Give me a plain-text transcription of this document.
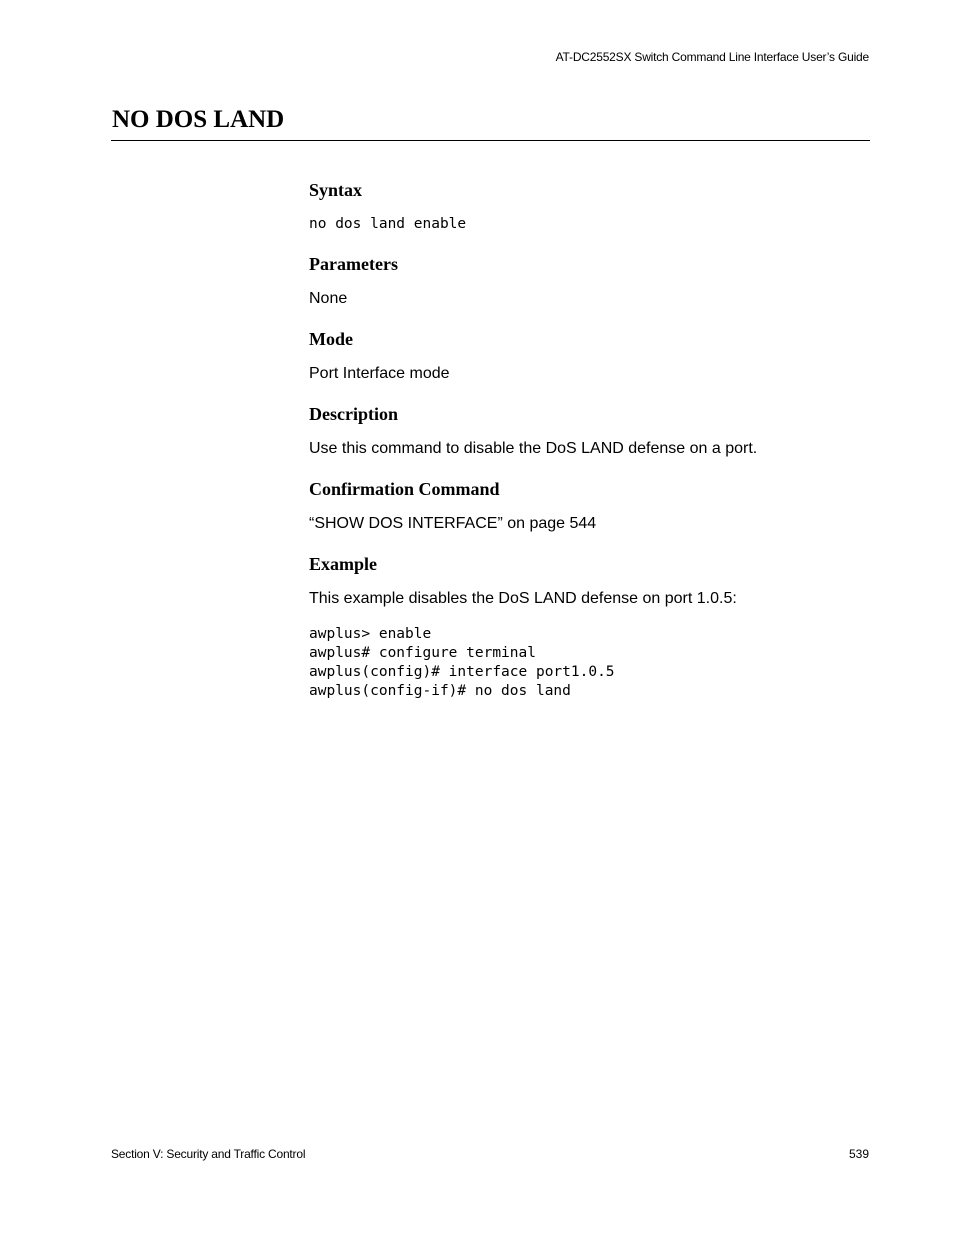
AT-DC2552SX Switch Command Line Interface User’s Guide
NO DOS LAND
Syntax

no dos land enable

Parameters

None

Mode

Port Interface mode

Description

Use this command to disable the DoS LAND defense on a port.

Confirmation Command

“SHOW DOS INTERFACE” on page 544

Example

This example disables the DoS LAND defense on port 1.0.5:

awplus> enable

awplus# configure terminal

awplus(config)# interface port1.0.5

awplus(config-if)# no dos land

Section V: Security and Traffic Control	539
